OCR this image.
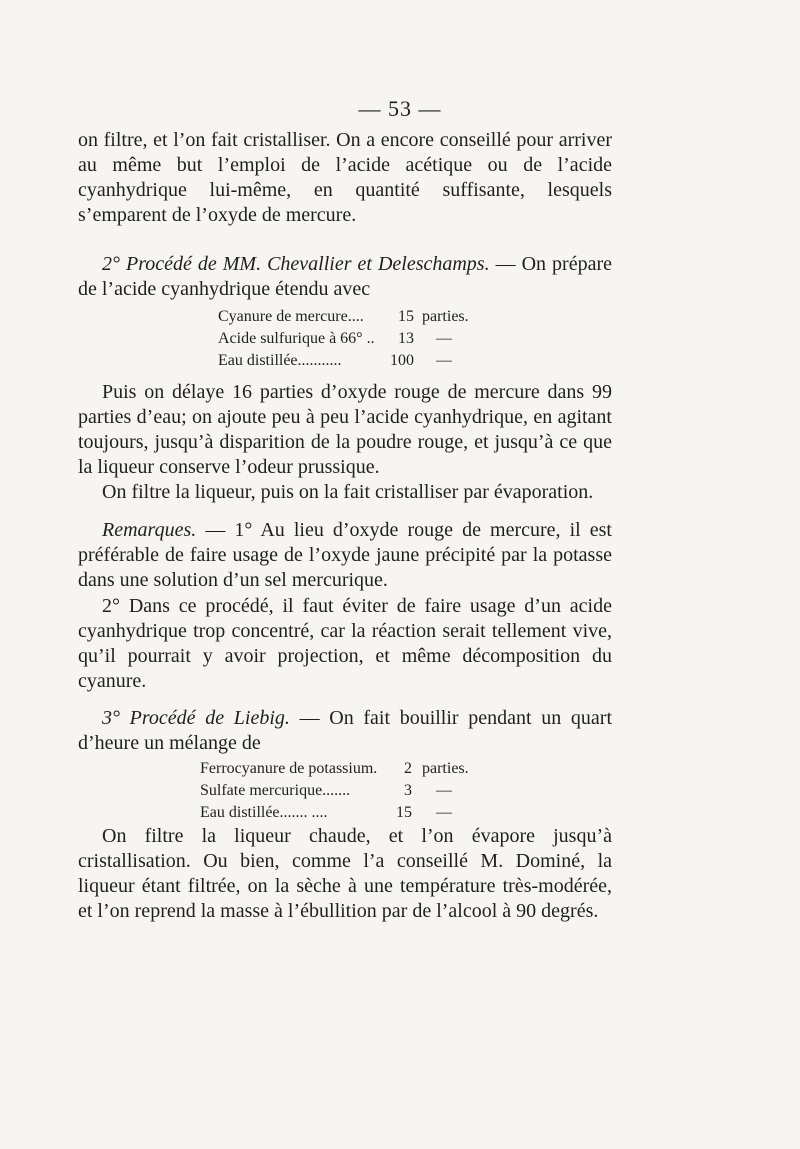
— 53 —

on filtre, et l’on fait cristalliser. On a encore conseillé pour arriver au même but l’emploi de l’acide acétique ou de l’acide cyanhydrique lui-même, en quantité suffisante, lesquels s’emparent de l’oxyde de mercure.

2° Procédé de MM. Chevallier et Deleschamps. — On prépare de l’acide cyanhydrique étendu avec

Cyanure de mercure....	15 parties.
Acide sulfurique à 66° ..	13 —
Eau distillée...........	100 —

Puis on délaye 16 parties d’oxyde rouge de mercure dans 99 parties d’eau; on ajoute peu à peu l’acide cyanhydrique, en agitant toujours, jusqu’à disparition de la poudre rouge, et jusqu’à ce que la liqueur conserve l’odeur prussique.

On filtre la liqueur, puis on la fait cristalliser par évaporation.

Remarques. — 1° Au lieu d’oxyde rouge de mercure, il est préférable de faire usage de l’oxyde jaune précipité par la potasse dans une solution d’un sel mercurique.

2° Dans ce procédé, il faut éviter de faire usage d’un acide cyanhydrique trop concentré, car la réaction serait tellement vive, qu’il pourrait y avoir projection, et même décomposition du cyanure.

3° Procédé de Liebig. — On fait bouillir pendant un quart d’heure un mélange de

Ferrocyanure de potassium.	2 parties.
Sulfate mercurique.......	3 —
Eau distillée....... ....	15 —

On filtre la liqueur chaude, et l’on évapore jusqu’à cristallisation. Ou bien, comme l’a conseillé M. Dominé, la liqueur étant filtrée, on la sèche à une température très-modérée, et l’on reprend la masse à l’ébullition par de l’alcool à 90 degrés.
